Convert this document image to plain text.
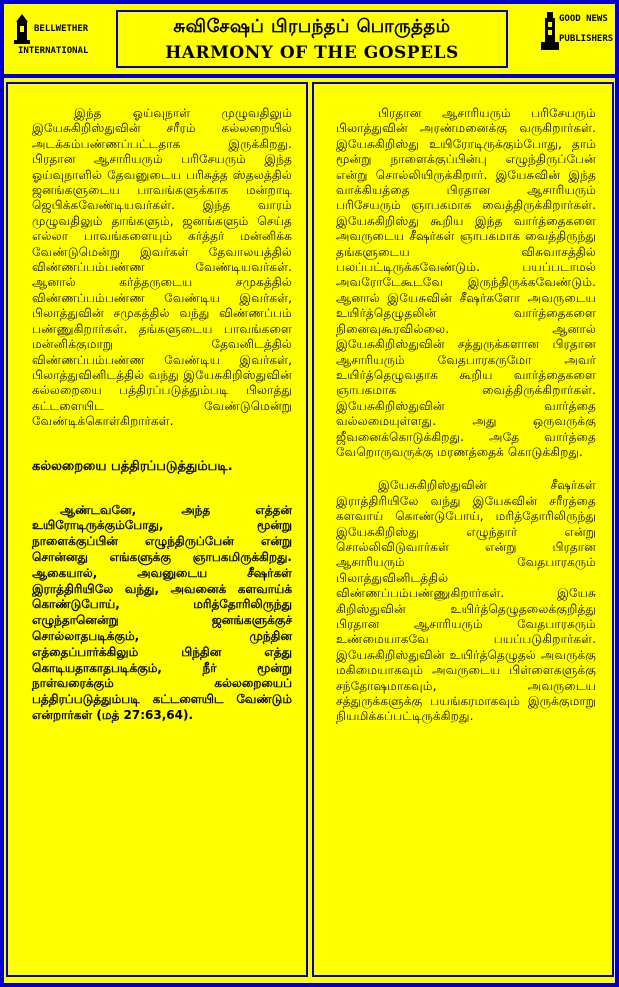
BELLWETHER
INTERNATIONAL
சுவிசேஷப் பிரபந்தப் பொருத்தம்
HARMONY OF THE GOSPELS
GOOD NEWS
PUBLISHERS

இந்த ஓய்வுநாள் முழுவதிலும் இயேசுகிறிஸ்துவின் சரீரம் கல்லறையில் அடக்கம்பண்ணப்பட்டதாக இருக்கிறது. பிரதான ஆசாரியரும் பரிசேயரும் இந்த ஓய்வுநாளில் தேவனுடைய பரிசுத்த ஸ்தலத்தில் ஜனங்களுடைய பாவங்களுக்காக மன்றாடி ஜெபிக்கவேண்டியவர்கள். இந்த வாரம் முழுவதிலும் தாங்களும், ஜனங்களும் செய்த எல்லா பாவங்களையும் கர்த்தர் மன்னிக்க வேண்டுமென்று இவர்கள் தேவாலயத்தில் விண்ணப்பம்பண்ண வேண்டியவர்கள். ஆனால் கர்த்தருடைய சமுகத்தில் விண்ணப்பம்பண்ண வேண்டிய இவர்கள், பிலாத்துவின் சமுகத்தில் வந்து விண்ணப்பம் பண்ணுகிறார்கள். தங்களுடைய பாவங்களை மன்னிக்குமாறு தேவனிடத்தில் விண்ணப்பம்பண்ண வேண்டிய இவர்கள், பிலாத்துவினிடத்தில் வந்து இயேசுகிறிஸ்துவின் கல்லறையை பத்திரப்படுத்தும்படி பிலாத்து கட்டளையிட வேண்டுமென்று வேண்டிக்கொள்கிறார்கள்.

கல்லறையை பத்திரப்படுத்தும்படி.

ஆண்டவனே, அந்த எத்தன் உயிரோடிருக்கும்போது, மூன்று நாளைக்குப்பின் எழுந்திருப்பேன் என்று சொன்னது எங்களுக்கு ஞாபகமிருக்கிறது. ஆகையால், அவனுடைய சீஷர்கள் இராத்திரியிலே வந்து, அவனைக் களவாய்க் கொண்டுபோய், மரித்தோரிலிருந்து எழுந்தானென்று ஜனங்களுக்குச் சொல்லாதபடிக்கும், முந்தின எத்தைப்பார்க்கிலும் பிந்தின எத்து கொடியதாகாதபடிக்கும், நீர் மூன்று நாள்வரைக்கும் கல்லறையைப் பத்திரப்படுத்தும்படி கட்டளையிட வேண்டும் என்றார்கள் (மத் 27:63,64).

பிரதான ஆசாரியரும் பரிசேயரும் பிலாத்துவின் அரண்மனைக்கு வருகிறார்கள். இயேசுகிறிஸ்து உயிரோடிருக்கும்போது, தாம் மூன்று நாளைக்குப்பின்பு எழுந்திருப்பேன் என்று சொல்லியிருக்கிறார். இயேசுவின் இந்த வாக்கியத்தை பிரதான ஆசாரியரும் பரிசேயரும் ஞாபகமாக வைத்திருக்கிறார்கள். இயேசுகிறிஸ்து கூறிய இந்த வார்த்தைகளை அவருடைய சீஷர்கள் ஞாபகமாக வைத்திருந்து தங்களுடைய விசுவாசத்தில் பலப்பட்டிருக்கவேண்டும். பயப்படாமல் அவரோடேகூடவே இருந்திருக்கவேண்டும். ஆனால் இயேசுவின் சீஷர்களோ அவருடைய உயிர்த்தெழுதலின் வார்த்தைகளை நினைவுகூரவில்லை. ஆனால் இயேசுகிறிஸ்துவின் சத்துருக்களான பிரதான ஆசாரியரும் வேதபாரகருமோ அவர் உயிர்த்தெழுவதாக கூறிய வார்த்தைகளை ஞாபகமாக வைத்திருக்கிறார்கள். இயேசுகிறிஸ்துவின் வார்த்தை வல்லமையுள்ளது. அது ஒருவருக்கு ஜீவனைக்கொடுக்கிறது. அதே வார்த்தை வேறொருவருக்கு மரணத்தைக் கொடுக்கிறது.

இயேசுகிறிஸ்துவின் சீஷர்கள் இராத்திரியிலே வந்து இயேசுவின் சரீரத்தை களவாய் கொண்டுபோய், மரித்தோரிலிருந்து இயேசுகிறிஸ்து எழுந்தார் என்று சொல்லிவிடுவார்கள் என்று பிரதான ஆசாரியரும் வேதபாரகரும் பிலாத்துவினிடத்தில் விண்ணப்பம்பண்ணுகிறார்கள். இயேசு கிறிஸ்துவின் உயிர்த்தெழுதலைக்குறித்து பிரதான ஆசாரியரும் வேதபாரகரும் உண்மையாகவே பயப்படுகிறார்கள். இயேசுகிறிஸ்துவின் உயிர்த்தெழுதல் அவருக்கு மகிமையாகவும் அவருடைய பிள்ளைகளுக்கு சந்தோஷமாகவும், அவருடைய சத்துருக்களுக்கு பயங்கரமாகவும் இருக்குமாறு நியமிக்கப்பட்டிருக்கிறது.
